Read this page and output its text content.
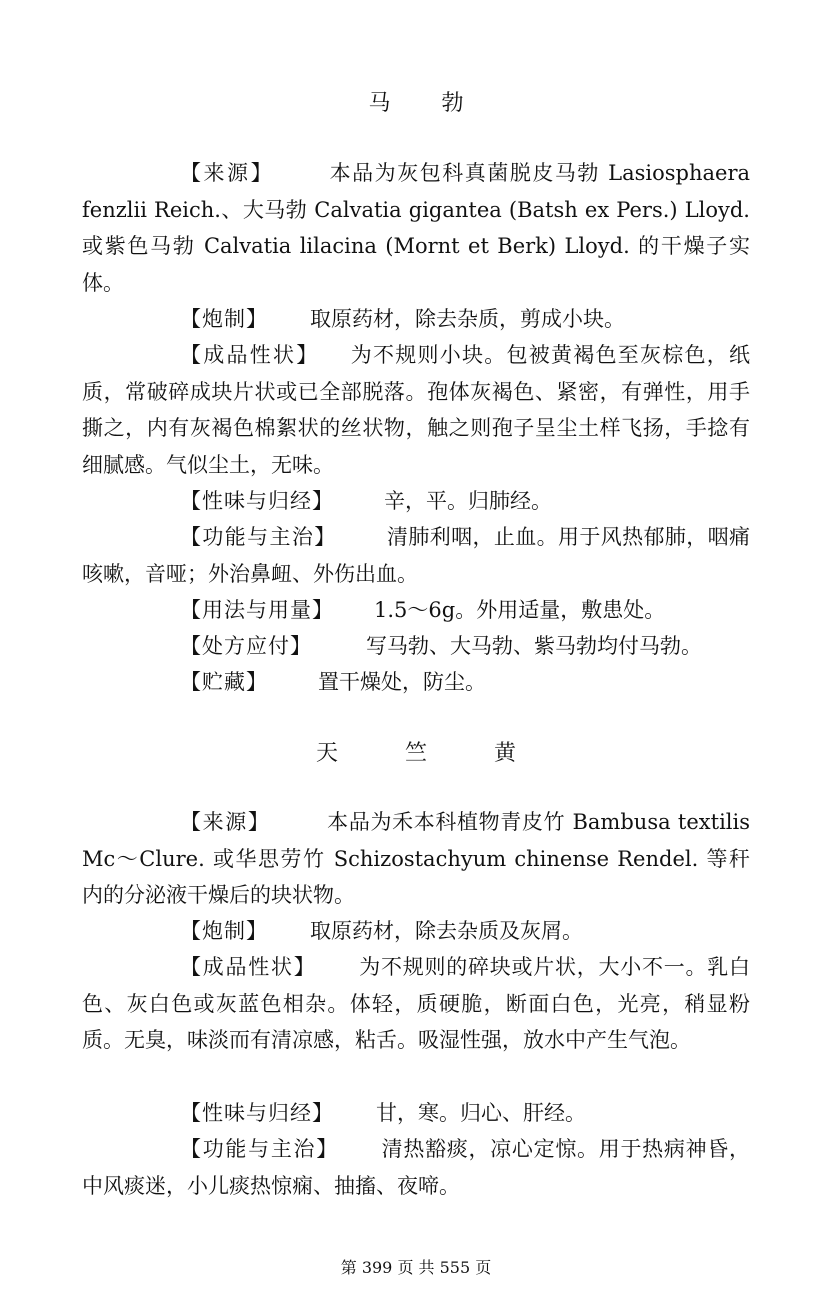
马 勃

【来源】	本品为灰包科真菌脱皮马勃 Lasiosphaera fenzlii Reich.、大马勃 Calvatia gigantea (Batsh ex Pers.) Lloyd. 或紫色马勃 Calvatia lilacina (Mornt et Berk) Lloyd. 的干燥子实体。

【炮制】 取原药材，除去杂质，剪成小块。

【成品性状】 为不规则小块。包被黄褐色至灰棕色，纸质，常破碎成块片状或已全部脱落。孢体灰褐色、紧密，有弹性，用手撕之，内有灰褐色棉絮状的丝状物，触之则孢子呈尘土样飞扬，手捻有细腻感。气似尘土，无味。

【性味与归经】 辛，平。归肺经。

【功能与主治】 清肺利咽，止血。用于风热郁肺，咽痛咳嗽，音哑；外治鼻衄、外伤出血。

【用法与用量】 1.5～6g。外用适量，敷患处。

【处方应付】	写马勃、大马勃、紫马勃均付马勃。

【贮藏】 置干燥处，防尘。

天 竺 黄

【来源】	本品为禾本科植物青皮竹 Bambusa textilis Mc～Clure. 或华思劳竹 Schizostachyum chinense Rendel. 等秆内的分泌液干燥后的块状物。

【炮制】 取原药材，除去杂质及灰屑。

【成品性状】 为不规则的碎块或片状，大小不一。乳白色、灰白色或灰蓝色相杂。体轻，质硬脆，断面白色，光亮，稍显粉质。无臭，味淡而有清凉感，粘舌。吸湿性强，放水中产生气泡。

【性味与归经】 甘，寒。归心、肝经。

【功能与主治】 清热豁痰，凉心定惊。用于热病神昏，中风痰迷，小儿痰热惊痫、抽搐、夜啼。

第 399 页 共 555 页
